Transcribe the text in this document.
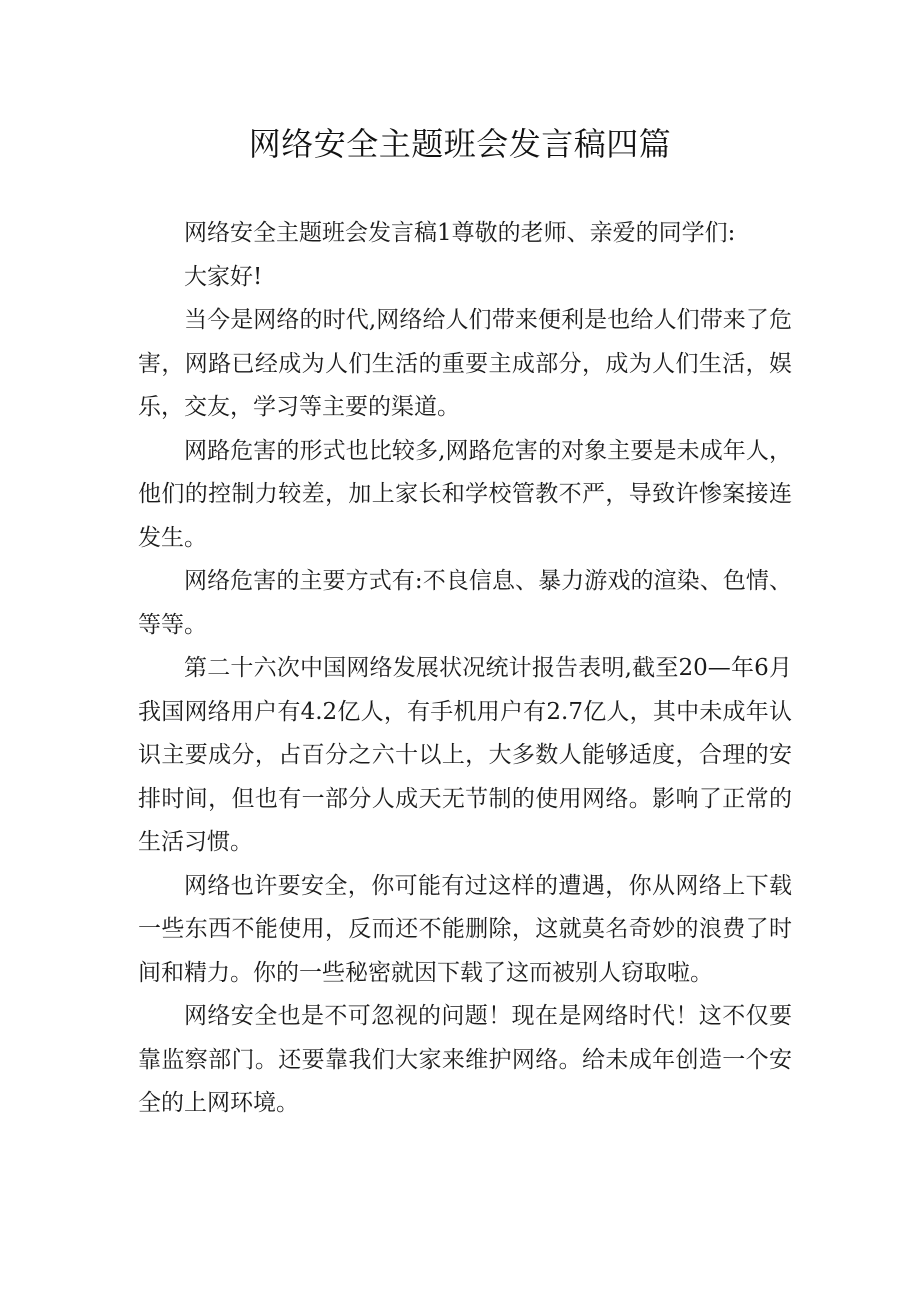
网络安全主题班会发言稿四篇

网络安全主题班会发言稿1尊敬的老师、亲爱的同学们:

大家好!

当今是网络的时代,网络给人们带来便利是也给人们带来了危害，网路已经成为人们生活的重要主成部分，成为人们生活，娱乐，交友，学习等主要的渠道。

网路危害的形式也比较多,网路危害的对象主要是未成年人，他们的控制力较差，加上家长和学校管教不严，导致许惨案接连发生。

网络危害的主要方式有:不良信息、暴力游戏的渲染、色情、等等。

第二十六次中国网络发展状况统计报告表明,截至20—年6月我国网络用户有4.2亿人，有手机用户有2.7亿人，其中未成年认识主要成分，占百分之六十以上，大多数人能够适度，合理的安排时间，但也有一部分人成天无节制的使用网络。影响了正常的生活习惯。

网络也许要安全，你可能有过这样的遭遇，你从网络上下载一些东西不能使用，反而还不能删除，这就莫名奇妙的浪费了时间和精力。你的一些秘密就因下载了这而被别人窃取啦。

网络安全也是不可忽视的问题！现在是网络时代！这不仅要靠监察部门。还要靠我们大家来维护网络。给未成年创造一个安全的上网环境。
